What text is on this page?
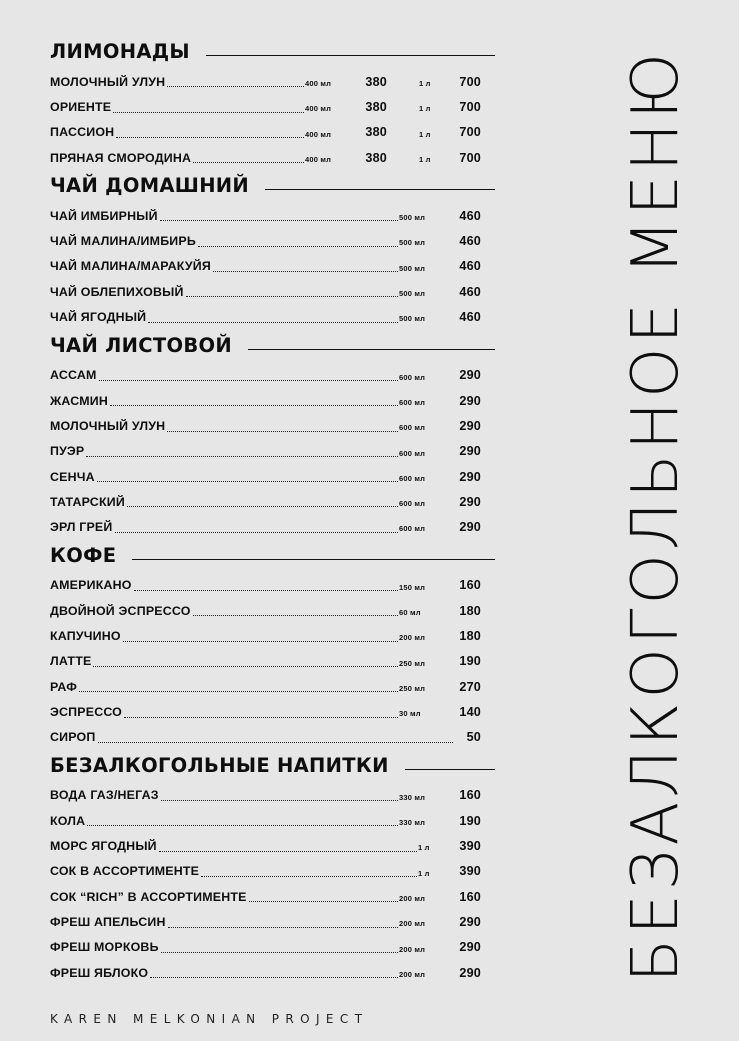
ЛИМОНАДЫ
МОЛОЧНЫЙ УЛУН	400 мл	380	1 л	700
ОРИЕНТЕ	400 мл	380	1 л	700
ПАССИОН	400 мл	380	1 л	700
ПРЯНАЯ СМОРОДИНА	400 мл	380	1 л	700
ЧАЙ ДОМАШНИЙ
ЧАЙ ИМБИРНЫЙ	500 мл	460
ЧАЙ МАЛИНА/ИМБИРЬ	500 мл	460
ЧАЙ МАЛИНА/МАРАКУЙЯ	500 мл	460
ЧАЙ ОБЛЕПИХОВЫЙ	500 мл	460
ЧАЙ ЯГОДНЫЙ	500 мл	460
ЧАЙ ЛИСТОВОЙ
АССАМ	600 мл	290
ЖАСМИН	600 мл	290
МОЛОЧНЫЙ УЛУН	600 мл	290
ПУЭР	600 мл	290
СЕНЧА	600 мл	290
ТАТАРСКИЙ	600 мл	290
ЭРЛ ГРЕЙ	600 мл	290
КОФЕ
АМЕРИКАНО	150 мл	160
ДВОЙНОЙ ЭСПРЕССО	60 мл	180
КАПУЧИНО	200 мл	180
ЛАТТЕ	250 мл	190
РАФ	250 мл	270
ЭСПРЕССО	30 мл	140
СИРОП	50
БЕЗАЛКОГОЛЬНЫЕ НАПИТКИ
ВОДА ГАЗ/НЕГАЗ	330 мл	160
КОЛА	330 мл	190
МОРС ЯГОДНЫЙ	1 л	390
СОК В АССОРТИМЕНТЕ	1 л	390
СОК “RICH” В АССОРТИМЕНТЕ	200 мл	160
ФРЕШ АПЕЛЬСИН	200 мл	290
ФРЕШ МОРКОВЬ	200 мл	290
ФРЕШ ЯБЛОКО	200 мл	290 БЕЗАЛКОГОЛЬНОЕ МЕНЮ
KAREN MELKONIAN PROJECT
